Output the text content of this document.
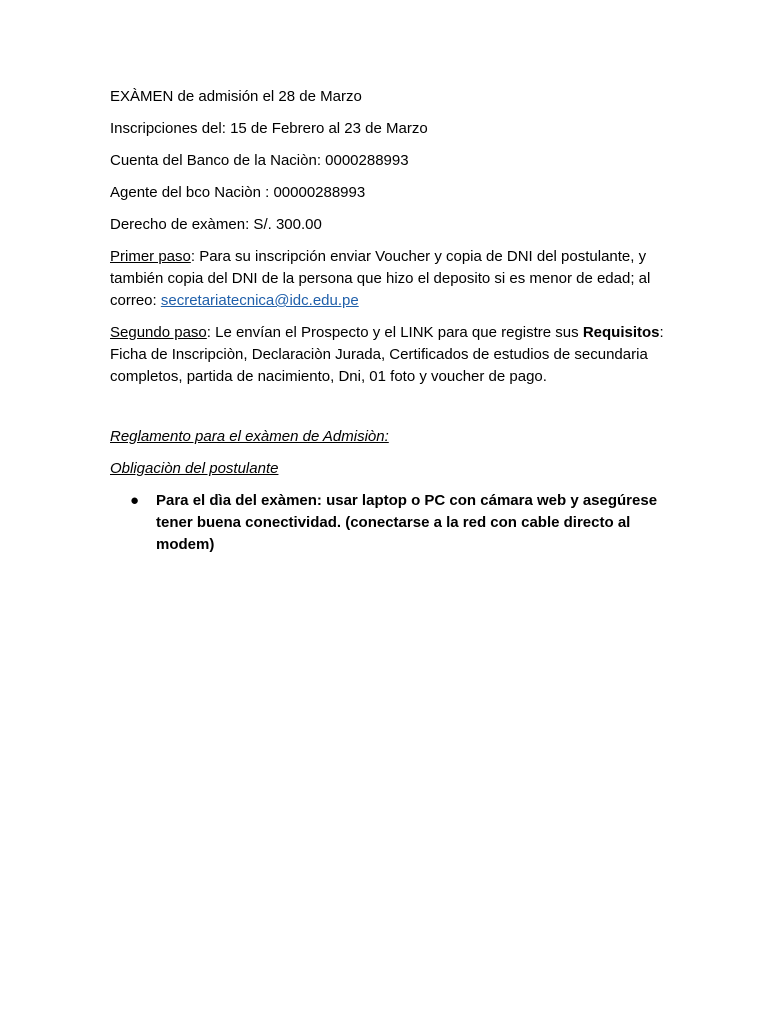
EXÀMEN de admisión el 28 de Marzo

Inscripciones del: 15 de Febrero al 23 de Marzo

Cuenta del Banco de la Naciòn: 0000288993

Agente del bco Naciòn : 00000288993

Derecho de exàmen: S/. 300.00

Primer paso: Para su inscripción enviar Voucher y copia de DNI del postulante, y también copia del DNI de la persona que hizo el deposito si es menor de edad; al correo: secretariatecnica@idc.edu.pe

Segundo paso: Le envían el Prospecto y el LINK para que registre sus Requisitos: Ficha de Inscripciòn, Declaraciòn Jurada, Certificados de estudios de secundaria completos, partida de nacimiento, Dni, 01 foto y voucher de pago.

Reglamento para el exàmen de Admisiòn:

Obligaciòn del postulante

● Para el dìa del exàmen: usar laptop o PC con cámara web y asegúrese tener buena conectividad. (conectarse a la red con cable directo al modem)
